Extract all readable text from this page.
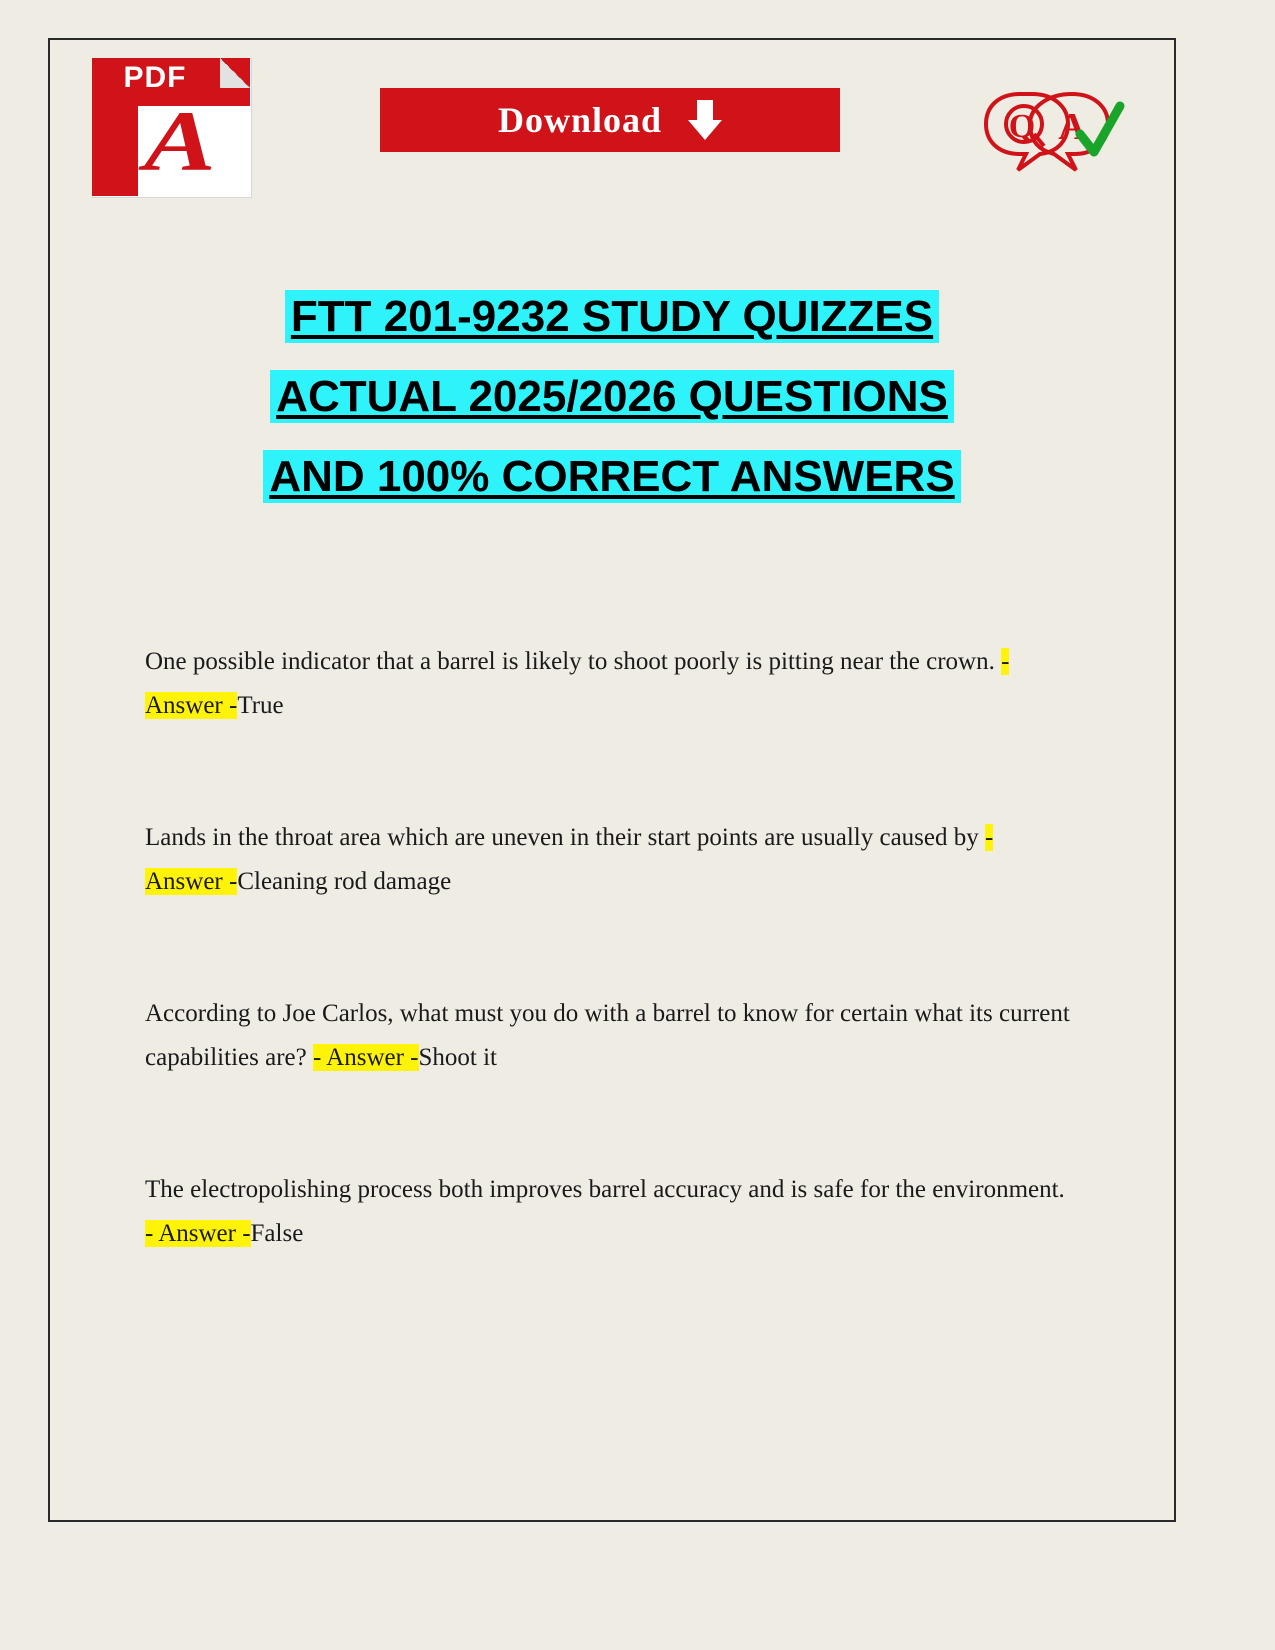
PDF
A	Download	Q A
FTT 201-9232 STUDY QUIZZES
ACTUAL 2025/2026 QUESTIONS
AND 100% CORRECT ANSWERS
One possible indicator that a barrel is likely to shoot poorly is pitting near the crown. - Answer -True
Lands in the throat area which are uneven in their start points are usually caused by - Answer -Cleaning rod damage
According to Joe Carlos, what must you do with a barrel to know for certain what its current capabilities are? - Answer -Shoot it
The electropolishing process both improves barrel accuracy and is safe for the environment. - Answer -False
